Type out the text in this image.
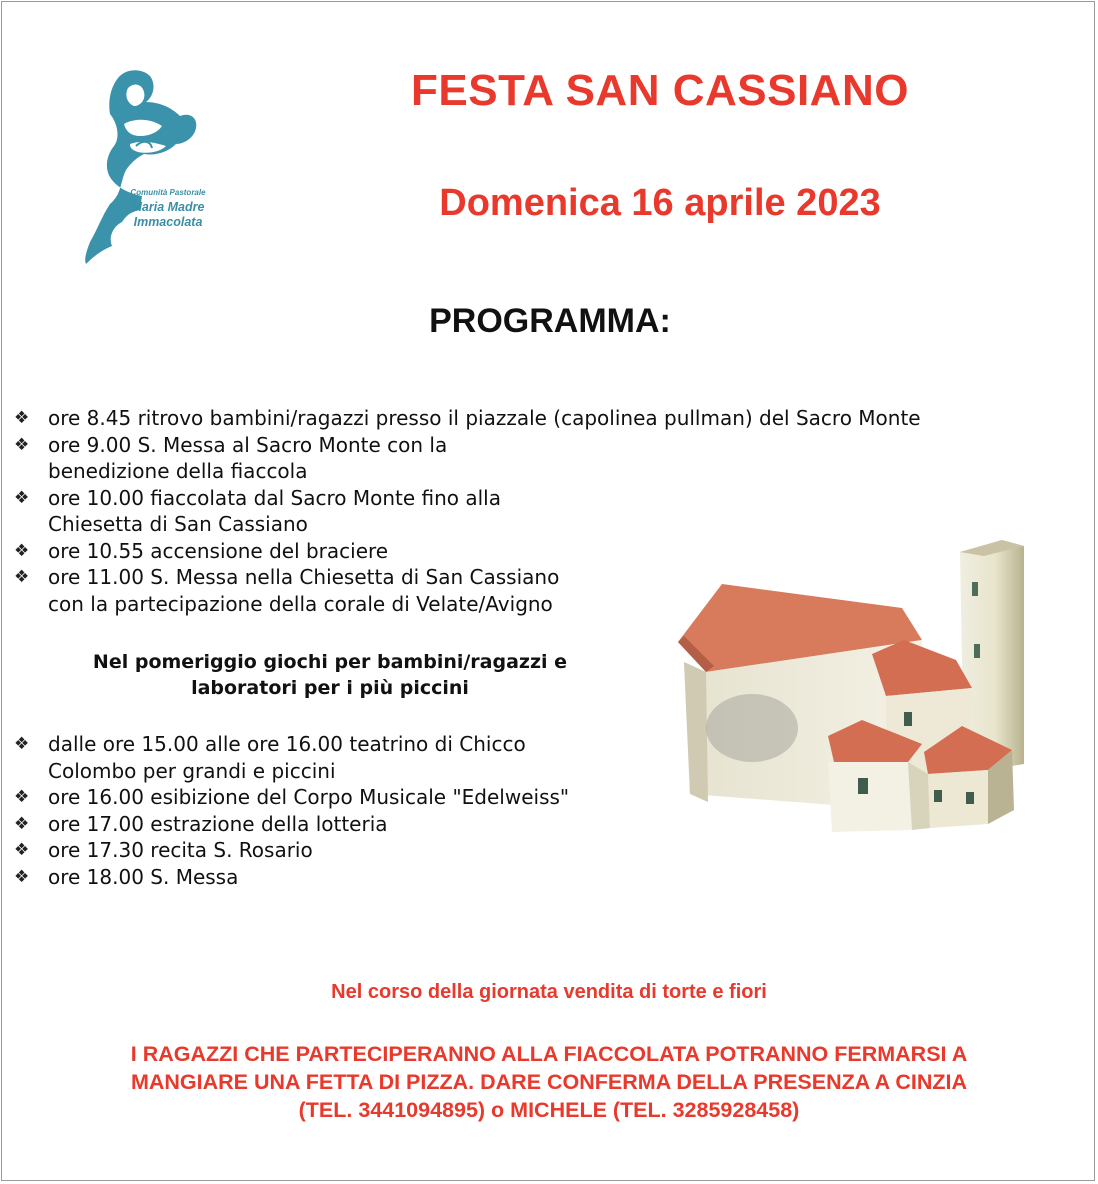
Comunità Pastorale
Maria Madre
Immacolata
FESTA SAN CASSIANO
Domenica 16 aprile 2023
PROGRAMMA:
❖ ore 8.45 ritrovo bambini/ragazzi presso il piazzale (capolinea pullman) del Sacro Monte
❖ ore 9.00 S. Messa al Sacro Monte con la
benedizione della fiaccola
❖ ore 10.00 fiaccolata dal Sacro Monte fino alla
Chiesetta di San Cassiano
❖ ore 10.55 accensione del braciere
❖ ore 11.00 S. Messa nella Chiesetta di San Cassiano
con la partecipazione della corale di Velate/Avigno

Nel pomeriggio giochi per bambini/ragazzi e
laboratori per i più piccini

❖ dalle ore 15.00 alle ore 16.00 teatrino di Chicco
Colombo per grandi e piccini
❖ ore 16.00 esibizione del Corpo Musicale "Edelweiss"
❖ ore 17.00 estrazione della lotteria
❖ ore 17.30 recita S. Rosario
❖ ore 18.00 S. Messa

Nel corso della giornata vendita di torte e fiori

I RAGAZZI CHE PARTECIPERANNO ALLA FIACCOLATA POTRANNO FERMARSI A
MANGIARE UNA FETTA DI PIZZA. DARE CONFERMA DELLA PRESENZA A CINZIA
(TEL. 3441094895) o MICHELE (TEL. 3285928458)
